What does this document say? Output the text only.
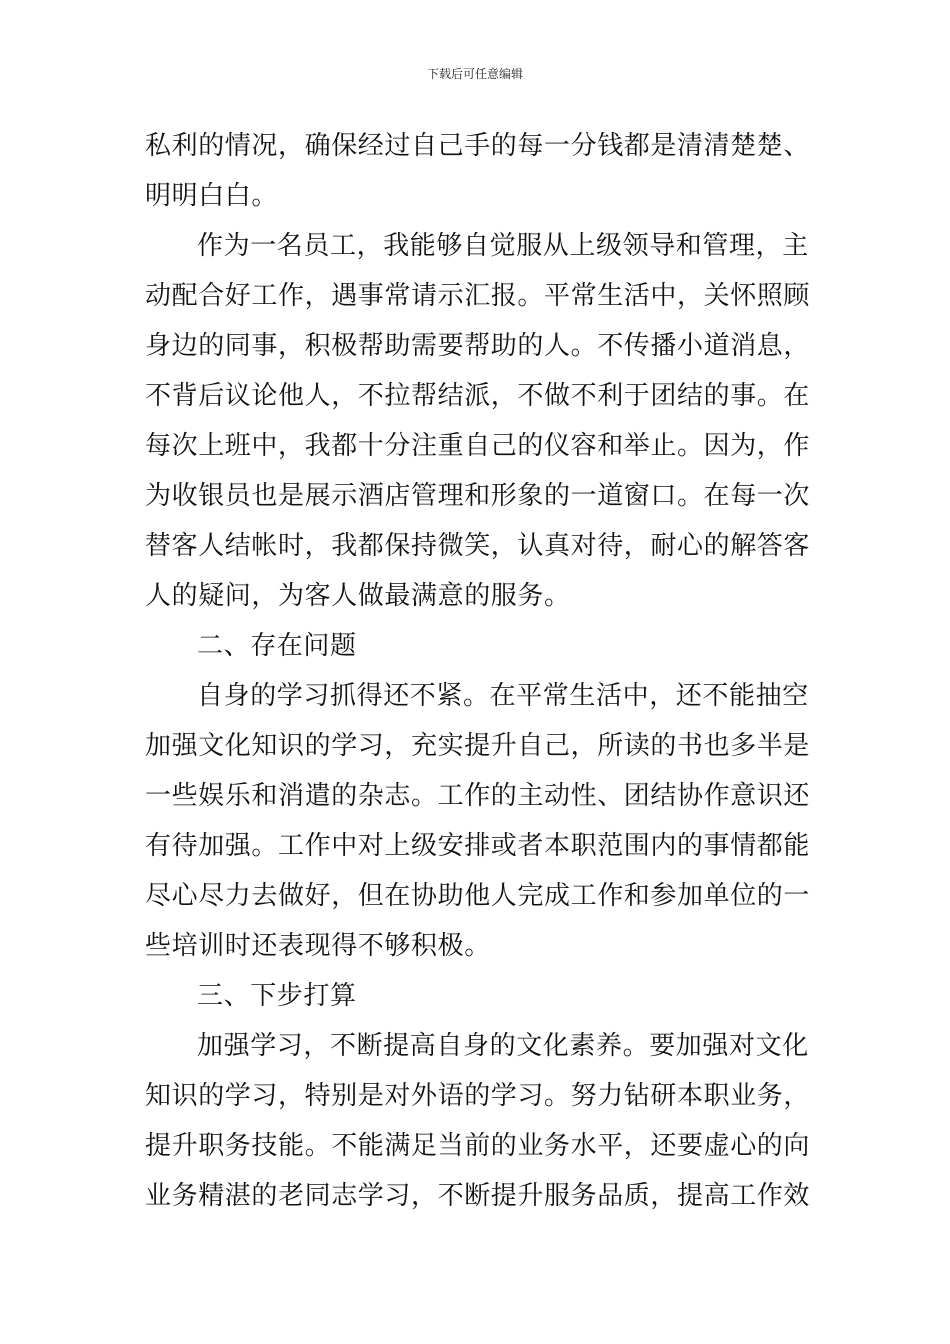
下载后可任意编辑
私利的情况，确保经过自己手的每一分钱都是清清楚楚、
明明白白。
作为一名员工，我能够自觉服从上级领导和管理，主
动配合好工作，遇事常请示汇报。平常生活中，关怀照顾
身边的同事，积极帮助需要帮助的人。不传播小道消息，
不背后议论他人，不拉帮结派，不做不利于团结的事。在
每次上班中，我都十分注重自己的仪容和举止。因为，作
为收银员也是展示酒店管理和形象的一道窗口。在每一次
替客人结帐时，我都保持微笑，认真对待，耐心的解答客
人的疑问，为客人做最满意的服务。
二、存在问题
自身的学习抓得还不紧。在平常生活中，还不能抽空
加强文化知识的学习，充实提升自己，所读的书也多半是
一些娱乐和消遣的杂志。工作的主动性、团结协作意识还
有待加强。工作中对上级安排或者本职范围内的事情都能
尽心尽力去做好，但在协助他人完成工作和参加单位的一
些培训时还表现得不够积极。
三、下步打算
加强学习，不断提高自身的文化素养。要加强对文化
知识的学习，特别是对外语的学习。努力钻研本职业务，
提升职务技能。不能满足当前的业务水平，还要虚心的向
业务精湛的老同志学习，不断提升服务品质，提高工作效
